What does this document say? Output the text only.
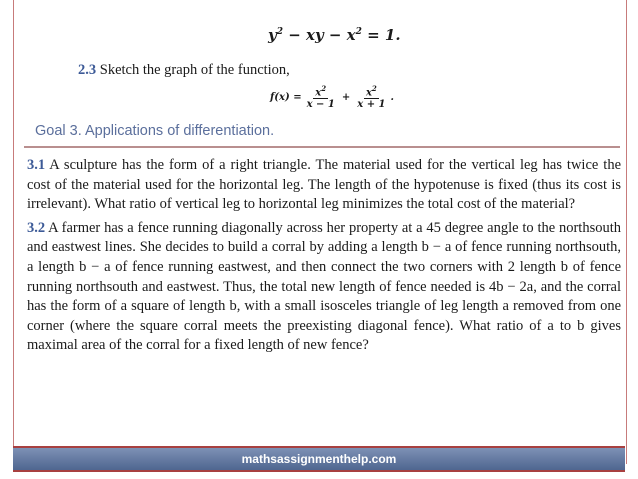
$y^2$ − xy − $x^2 = 1$.
2.3 Sketch the graph of the function,
$f(x) = \frac{x^2}{x - 1} + \frac{x^2}{x + 1}$ .
Goal 3. Applications of differentiation.

3.1 A sculpture has the form of a right triangle. The material used for the vertical leg has twice the cost of the material used for the horizontal leg. The length of the hypotenuse is fixed (thus its cost is irrelevant). What ratio of vertical leg to horizontal leg minimizes the total cost of the material?

3.2 A farmer has a fence running diagonally across her property at a 45 degree angle to the northsouth and eastwest lines. She decides to build a corral by adding a length b − a of fence running northsouth, a length b − a of fence running eastwest, and then connect the two corners with 2 length b of fence running northsouth and eastwest. Thus, the total new length of fence needed is 4b − 2a, and the corral has the form of a square of length b, with a small isosceles triangle of leg length a removed from one corner (where the square corral meets the preexisting diagonal fence). What ratio of a to b gives maximal area of the corral for a fixed length of new fence?

mathsassignmenthelp.com
